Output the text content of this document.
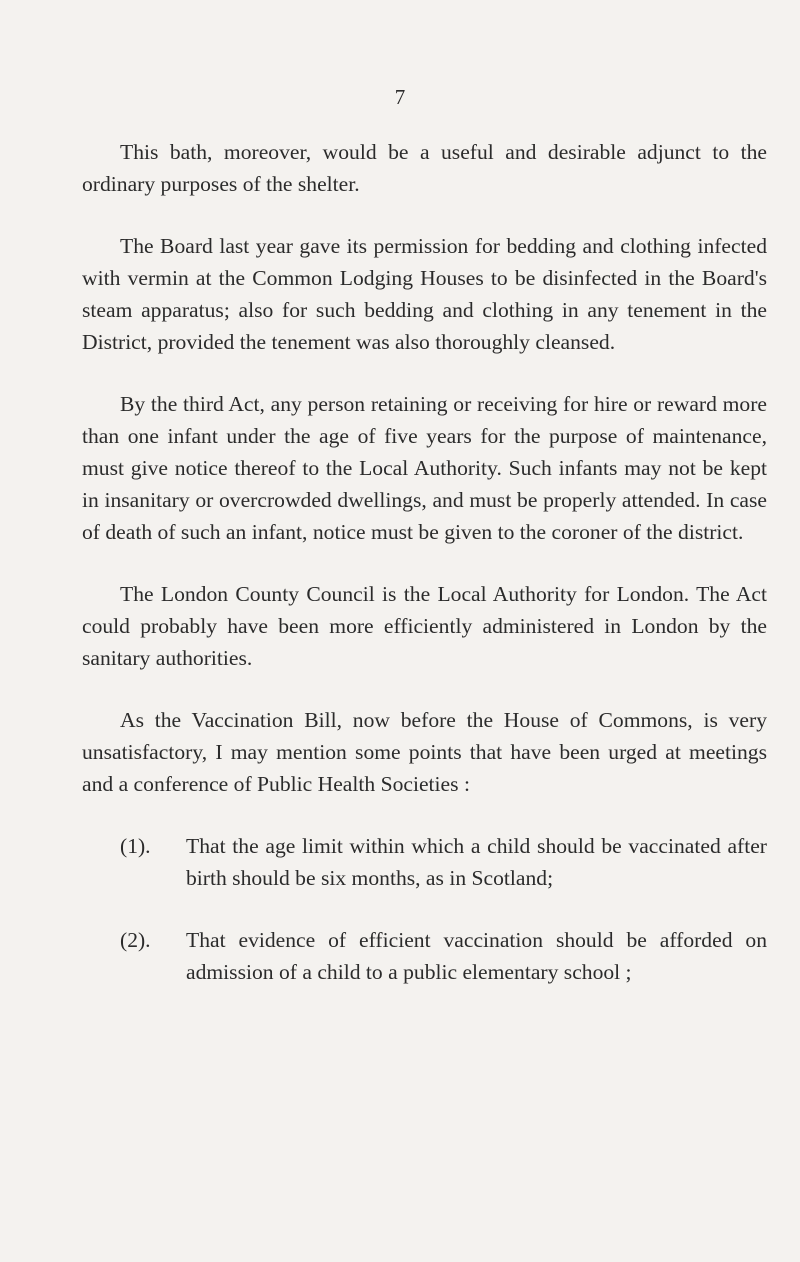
7

This bath, moreover, would be a useful and desirable adjunct to the ordinary purposes of the shelter.

The Board last year gave its permission for bedding and clothing infected with vermin at the Common Lodging Houses to be disinfected in the Board's steam apparatus; also for such bedding and clothing in any tenement in the District, provided the tenement was also thoroughly cleansed.

By the third Act, any person retaining or receiving for hire or reward more than one infant under the age of five years for the purpose of maintenance, must give notice thereof to the Local Authority. Such infants may not be kept in insanitary or overcrowded dwellings, and must be properly attended. In case of death of such an infant, notice must be given to the coroner of the district.

The London County Council is the Local Authority for London. The Act could probably have been more efficiently administered in London by the sanitary authorities.

As the Vaccination Bill, now before the House of Commons, is very unsatisfactory, I may mention some points that have been urged at meetings and a conference of Public Health Societies :

(1). That the age limit within which a child should be vaccinated after birth should be six months, as in Scotland;
(2). That evidence of efficient vaccination should be afforded on admission of a child to a public elementary school ;
